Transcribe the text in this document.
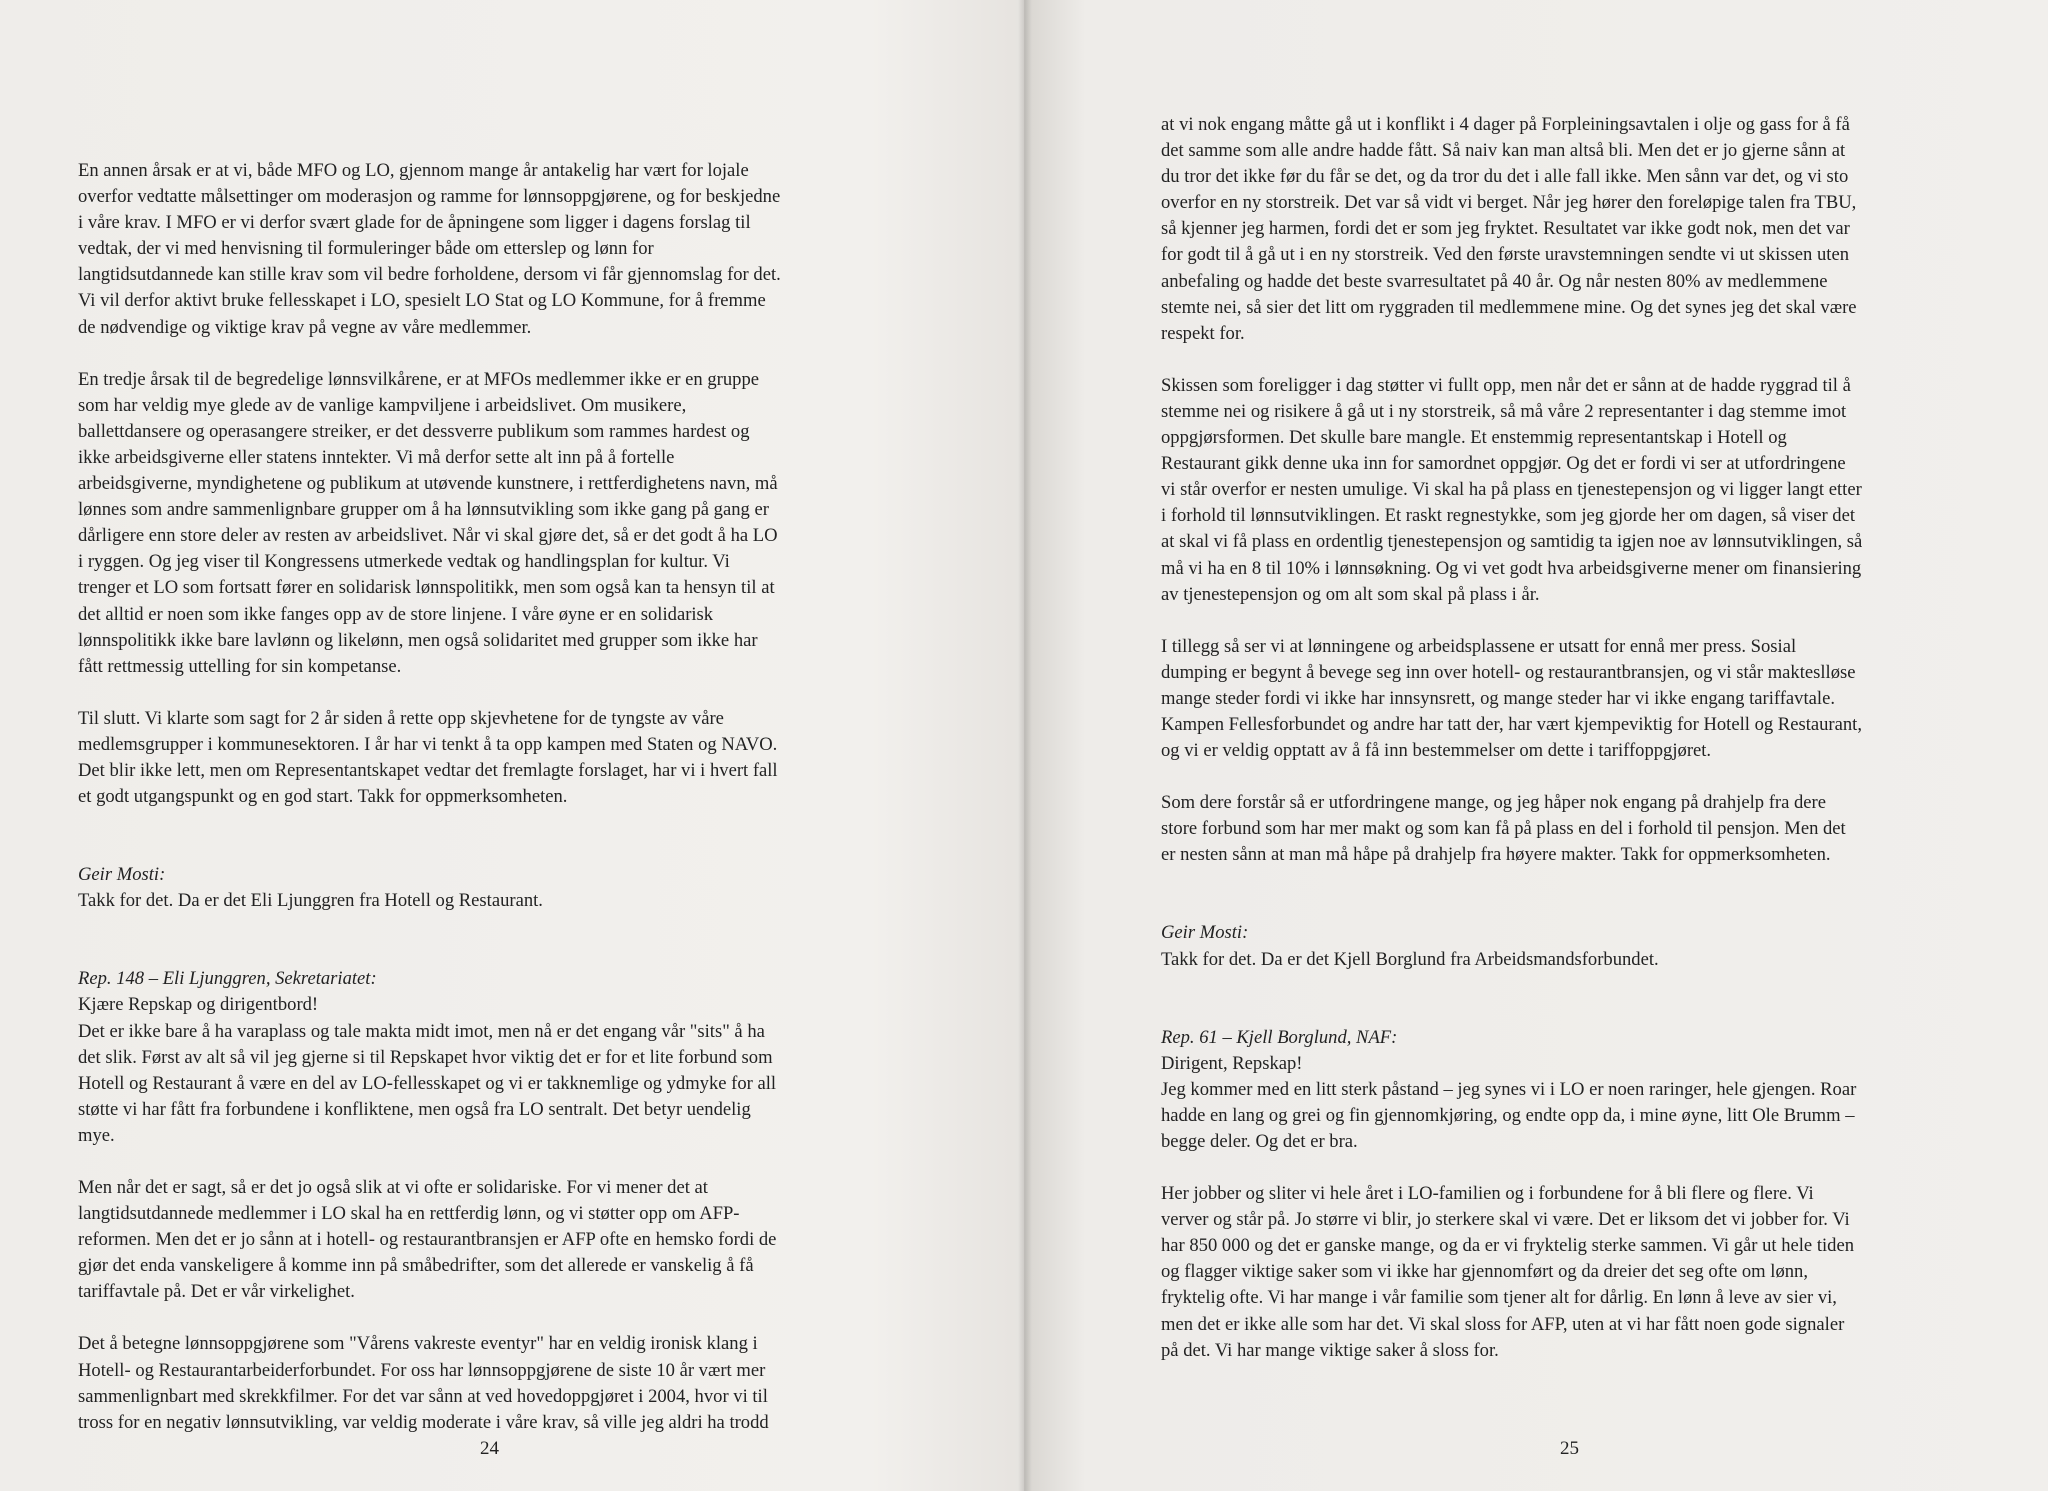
En annen årsak er at vi, både MFO og LO, gjennom mange år antakelig har vært for lojale
overfor vedtatte målsettinger om moderasjon og ramme for lønnsoppgjørene, og for beskjedne
i våre krav. I MFO er vi derfor svært glade for de åpningene som ligger i dagens forslag til
vedtak, der vi med henvisning til formuleringer både om etterslep og lønn for
langtidsutdannede kan stille krav som vil bedre forholdene, dersom vi får gjennomslag for det.
Vi vil derfor aktivt bruke fellesskapet i LO, spesielt LO Stat og LO Kommune, for å fremme
de nødvendige og viktige krav på vegne av våre medlemmer.
En tredje årsak til de begredelige lønnsvilkårene, er at MFOs medlemmer ikke er en gruppe
som har veldig mye glede av de vanlige kampviljene i arbeidslivet. Om musikere,
ballettdansere og operasangere streiker, er det dessverre publikum som rammes hardest og
ikke arbeidsgiverne eller statens inntekter. Vi må derfor sette alt inn på å fortelle
arbeidsgiverne, myndighetene og publikum at utøvende kunstnere, i rettferdighetens navn, må
lønnes som andre sammenlignbare grupper om å ha lønnsutvikling som ikke gang på gang er
dårligere enn store deler av resten av arbeidslivet. Når vi skal gjøre det, så er det godt å ha LO
i ryggen. Og jeg viser til Kongressens utmerkede vedtak og handlingsplan for kultur. Vi
trenger et LO som fortsatt fører en solidarisk lønnspolitikk, men som også kan ta hensyn til at
det alltid er noen som ikke fanges opp av de store linjene. I våre øyne er en solidarisk
lønnspolitikk ikke bare lavlønn og likelønn, men også solidaritet med grupper som ikke har
fått rettmessig uttelling for sin kompetanse.
Til slutt. Vi klarte som sagt for 2 år siden å rette opp skjevhetene for de tyngste av våre
medlemsgrupper i kommunesektoren. I år har vi tenkt å ta opp kampen med Staten og NAVO.
Det blir ikke lett, men om Representantskapet vedtar det fremlagte forslaget, har vi i hvert fall
et godt utgangspunkt og en god start. Takk for oppmerksomheten.
Geir Mosti:
Takk for det. Da er det Eli Ljunggren fra Hotell og Restaurant.
Rep. 148 – Eli Ljunggren, Sekretariatet:
Kjære Repskap og dirigentbord!
Det er ikke bare å ha varaplass og tale makta midt imot, men nå er det engang vår "sits" å ha
det slik. Først av alt så vil jeg gjerne si til Repskapet hvor viktig det er for et lite forbund som
Hotell og Restaurant å være en del av LO-fellesskapet og vi er takknemlige og ydmyke for all
støtte vi har fått fra forbundene i konfliktene, men også fra LO sentralt. Det betyr uendelig
mye.
Men når det er sagt, så er det jo også slik at vi ofte er solidariske. For vi mener det at
langtidsutdannede medlemmer i LO skal ha en rettferdig lønn, og vi støtter opp om AFP-
reformen. Men det er jo sånn at i hotell- og restaurantbransjen er AFP ofte en hemsko fordi de
gjør det enda vanskeligere å komme inn på småbedrifter, som det allerede er vanskelig å få
tariffavtale på. Det er vår virkelighet.
Det å betegne lønnsoppgjørene som "Vårens vakreste eventyr" har en veldig ironisk klang i
Hotell- og Restaurantarbeiderforbundet. For oss har lønnsoppgjørene de siste 10 år vært mer
sammenlignbart med skrekkfilmer. For det var sånn at ved hovedoppgjøret i 2004, hvor vi til
tross for en negativ lønnsutvikling, var veldig moderate i våre krav, så ville jeg aldri ha trodd
24
at vi nok engang måtte gå ut i konflikt i 4 dager på Forpleiningsavtalen i olje og gass for å få
det samme som alle andre hadde fått. Så naiv kan man altså bli. Men det er jo gjerne sånn at
du tror det ikke før du får se det, og da tror du det i alle fall ikke. Men sånn var det, og vi sto
overfor en ny storstreik. Det var så vidt vi berget. Når jeg hører den foreløpige talen fra TBU,
så kjenner jeg harmen, fordi det er som jeg fryktet. Resultatet var ikke godt nok, men det var
for godt til å gå ut i en ny storstreik. Ved den første uravstemningen sendte vi ut skissen uten
anbefaling og hadde det beste svarresultatet på 40 år. Og når nesten 80% av medlemmene
stemte nei, så sier det litt om ryggraden til medlemmene mine. Og det synes jeg det skal være
respekt for.
Skissen som foreligger i dag støtter vi fullt opp, men når det er sånn at de hadde ryggrad til å
stemme nei og risikere å gå ut i ny storstreik, så må våre 2 representanter i dag stemme imot
oppgjørsformen. Det skulle bare mangle. Et enstemmig representantskap i Hotell og
Restaurant gikk denne uka inn for samordnet oppgjør. Og det er fordi vi ser at utfordringene
vi står overfor er nesten umulige. Vi skal ha på plass en tjenestepensjon og vi ligger langt etter
i forhold til lønnsutviklingen. Et raskt regnestykke, som jeg gjorde her om dagen, så viser det
at skal vi få plass en ordentlig tjenestepensjon og samtidig ta igjen noe av lønnsutviklingen, så
må vi ha en 8 til 10% i lønnsøkning. Og vi vet godt hva arbeidsgiverne mener om finansiering
av tjenestepensjon og om alt som skal på plass i år.
I tillegg så ser vi at lønningene og arbeidsplassene er utsatt for ennå mer press. Sosial
dumping er begynt å bevege seg inn over hotell- og restaurantbransjen, og vi står makteslløse
mange steder fordi vi ikke har innsynsrett, og mange steder har vi ikke engang tariffavtale.
Kampen Fellesforbundet og andre har tatt der, har vært kjempeviktig for Hotell og Restaurant,
og vi er veldig opptatt av å få inn bestemmelser om dette i tariffoppgjøret.
Som dere forstår så er utfordringene mange, og jeg håper nok engang på drahjelp fra dere
store forbund som har mer makt og som kan få på plass en del i forhold til pensjon. Men det
er nesten sånn at man må håpe på drahjelp fra høyere makter. Takk for oppmerksomheten.
Geir Mosti:
Takk for det. Da er det Kjell Borglund fra Arbeidsmandsforbundet.
Rep. 61 – Kjell Borglund, NAF:
Dirigent, Repskap!
Jeg kommer med en litt sterk påstand – jeg synes vi i LO er noen raringer, hele gjengen. Roar
hadde en lang og grei og fin gjennomkjøring, og endte opp da, i mine øyne, litt Ole Brumm –
begge deler. Og det er bra.
Her jobber og sliter vi hele året i LO-familien og i forbundene for å bli flere og flere. Vi
verver og står på. Jo større vi blir, jo sterkere skal vi være. Det er liksom det vi jobber for. Vi
har 850 000 og det er ganske mange, og da er vi fryktelig sterke sammen. Vi går ut hele tiden
og flagger viktige saker som vi ikke har gjennomført og da dreier det seg ofte om lønn,
fryktelig ofte. Vi har mange i vår familie som tjener alt for dårlig. En lønn å leve av sier vi,
men det er ikke alle som har det. Vi skal sloss for AFP, uten at vi har fått noen gode signaler
på det. Vi har mange viktige saker å sloss for.
25
